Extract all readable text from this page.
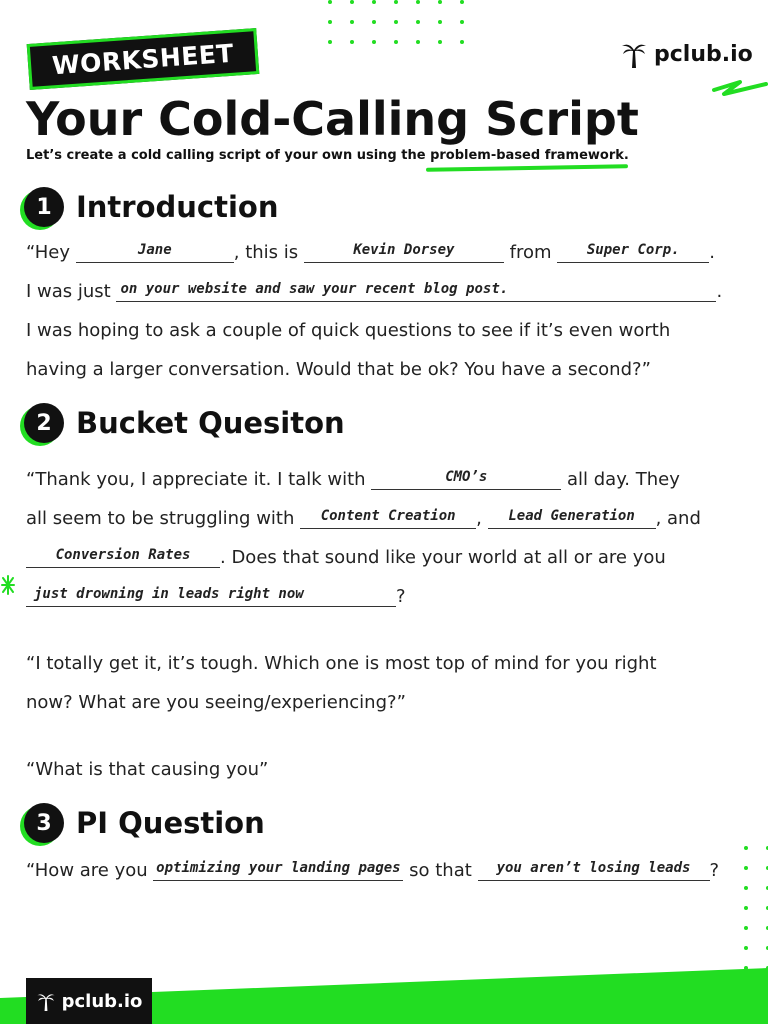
WORKSHEET	pclub.io
Your Cold-Calling Script
Let’s create a cold calling script of your own using the problem-based framework.
1 Introduction
“Hey	$^{Jane}$	, this is	$^{Kevin Dorsey}$	from $^{Super Corp.}$ .
I was just on your website and saw your recent blog post.	.
I was hoping to ask a couple of quick questions to see if it’s even worth
having a larger conversation. Would that be ok? You have a second?”
2 Bucket Quesiton
“Thank you, I appreciate it. I talk with	$^{CMO’s}$	all day. They
all seem to be struggling with $^{Content Creation}$ , $^{Lead Generation}$ , and
$^{Conversion Rates}$ . Does that sound like your world at all or are you
just drowning in leads right now	?
“I totally get it, it’s tough. Which one is most top of mind for you right
now? What are you seeing/experiencing?”
“What is that causing you”
3 PI Question
“How are you $^{optimizing your landing pages}$ so that $^{you aren’t losing leads}$ ?
pclub.io
